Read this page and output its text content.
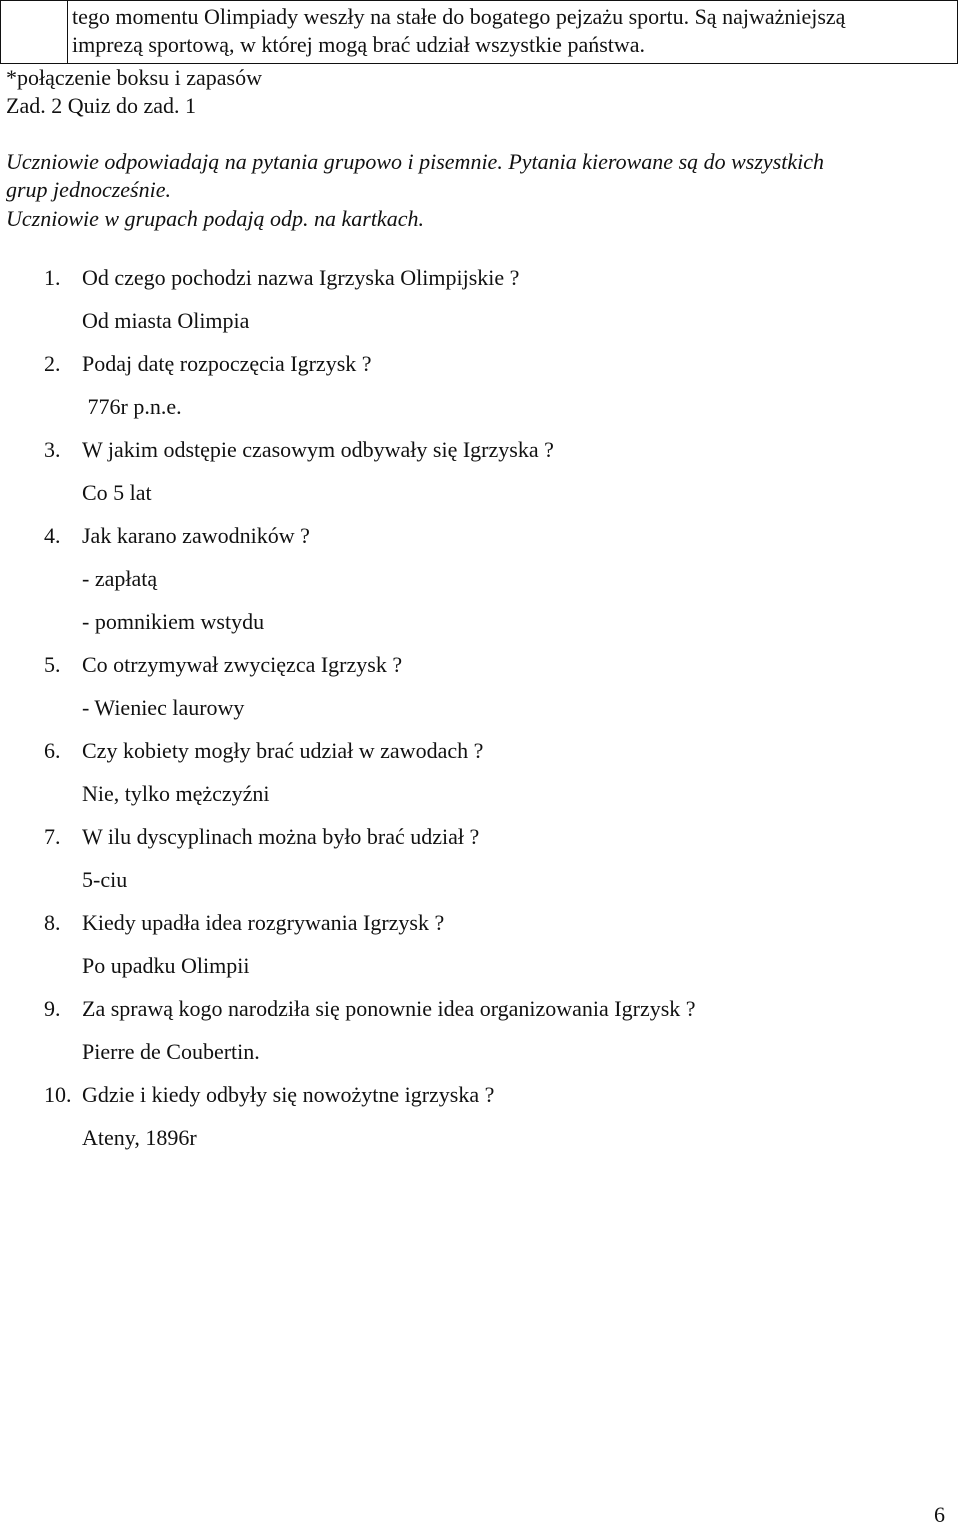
tego momentu Olimpiady weszły na stałe do bogatego pejzażu sportu. Są najważniejszą
imprezą sportową, w której mogą brać udział wszystkie państwa.
*połączenie boksu i zapasów
Zad. 2 Quiz do zad. 1
Uczniowie odpowiadają na pytania grupowo i pisemnie. Pytania kierowane są do wszystkich
grup jednocześnie.
Uczniowie w grupach podają odp. na kartkach.
1. Od czego pochodzi nazwa Igrzyska Olimpijskie ?
Od miasta Olimpia
2. Podaj datę rozpoczęcia Igrzysk ?
776r p.n.e.
3. W jakim odstępie czasowym odbywały się Igrzyska ?
Co 5 lat
4. Jak karano zawodników ?
- zapłatą
- pomnikiem wstydu
5. Co otrzymywał zwycięzca Igrzysk ?
- Wieniec laurowy
6. Czy kobiety mogły brać udział w zawodach ?
Nie, tylko mężczyźni
7. W ilu dyscyplinach można było brać udział ?
5-ciu
8. Kiedy upadła idea rozgrywania Igrzysk ?
Po upadku Olimpii
9. Za sprawą kogo narodziła się ponownie idea organizowania Igrzysk ?
Pierre de Coubertin.
10. Gdzie i kiedy odbyły się nowożytne igrzyska ?
Ateny, 1896r
6
